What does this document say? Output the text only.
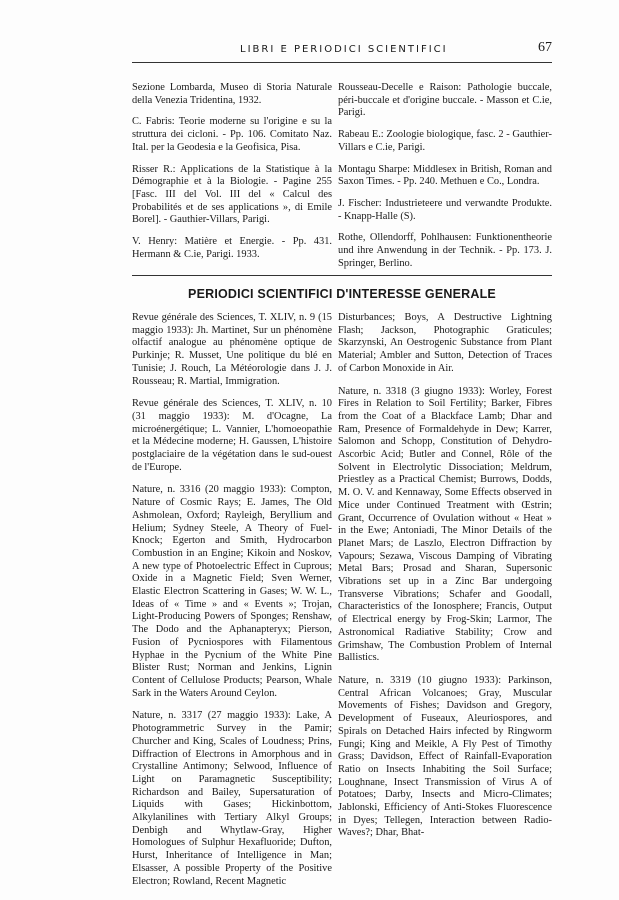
LIBRI E PERIODICI SCIENTIFICI	67

Sezione Lombarda, Museo di Storia Naturale della Venezia Tridentina, 1932.

C. Fabris: Teorie moderne su l'origine e su la struttura dei cicloni. - Pp. 106. Comitato Naz. Ital. per la Geodesia e la Geofisica, Pisa.

Risser R.: Applications de la Statistique à la Démographie et à la Biologie. - Pagine 255 [Fasc. III del Vol. III del « Calcul des Probabilités et de ses applications », di Emile Borel]. - Gauthier-Villars, Parigi.

V. Henry: Matière et Energie. - Pp. 431. Hermann & C.ie, Parigi. 1933.

Rousseau-Decelle e Raison: Pathologie buccale, péri-buccale et d'origine buccale. - Masson et C.ie, Parigi.

Rabeau E.: Zoologie biologique, fasc. 2 - Gauthier-Villars e C.ie, Parigi.

Montagu Sharpe: Middlesex in British, Roman and Saxon Times. - Pp. 240. Methuen e Co., Londra.

J. Fischer: Industrieteere und verwandte Produkte. - Knapp-Halle (S).

Rothe, Ollendorff, Pohlhausen: Funktionentheorie und ihre Anwendung in der Technik. - Pp. 173. J. Springer, Berlino.

PERIODICI SCIENTIFICI D'INTERESSE GENERALE

Revue générale des Sciences, T. XLIV, n. 9 (15 maggio 1933): Jh. Martinet, Sur un phénomène olfactif analogue au phénomène optique de Purkinje; R. Musset, Une politique du blé en Tunisie; J. Rouch, La Météorologie dans J. J. Rousseau; R. Martial, Immigration.

Revue générale des Sciences, T. XLIV, n. 10 (31 maggio 1933): M. d'Ocagne, La microénergétique; L. Vannier, L'homoeopathie et la Médecine moderne; H. Gaussen, L'histoire postglaciaire de la végétation dans le sud-ouest de l'Europe.

Nature, n. 3316 (20 maggio 1933): Compton, Nature of Cosmic Rays; E. James, The Old Ashmolean, Oxford; Rayleigh, Beryllium and Helium; Sydney Steele, A Theory of Fuel-Knock; Egerton and Smith, Hydrocarbon Combustion in an Engine; Kikoin and Noskov, A new type of Photoelectric Effect in Cuprous; Oxide in a Magnetic Field; Sven Werner, Elastic Electron Scattering in Gases; W. W. L., Ideas of « Time » and « Events »; Trojan, Light-Producing Powers of Sponges; Renshaw, The Dodo and the Aphanapteryx; Pierson, Fusion of Pycniospores with Filamentous Hyphae in the Pycnium of the White Pine Blister Rust; Norman and Jenkins, Lignin Content of Cellulose Products; Pearson, Whale Sark in the Waters Around Ceylon.

Nature, n. 3317 (27 maggio 1933): Lake, A Photogrammetric Survey in the Pamir; Churcher and King, Scales of Loudness; Prins, Diffraction of Electrons in Amorphous and in Crystalline Antimony; Selwood, Influence of Light on Paramagnetic Susceptibility; Richardson and Bailey, Supersaturation of Liquids with Gases; Hickinbottom, Alkylanilines with Tertiary Alkyl Groups; Denbigh and Whytlaw-Gray, Higher Homologues of Sulphur Hexafluoride; Dufton, Hurst, Inheritance of Intelligence in Man; Elsasser, A possible Property of the Positive Electron; Rowland, Recent Magnetic

Disturbances; Boys, A Destructive Lightning Flash; Jackson, Photographic Graticules; Skarzynski, An Oestrogenic Substance from Plant Material; Ambler and Sutton, Detection of Traces of Carbon Monoxide in Air.

Nature, n. 3318 (3 giugno 1933): Worley, Forest Fires in Relation to Soil Fertility; Barker, Fibres from the Coat of a Blackface Lamb; Dhar and Ram, Presence of Formaldehyde in Dew; Karrer, Salomon and Schopp, Constitution of Dehydro-Ascorbic Acid; Butler and Connel, Rôle of the Solvent in Electrolytic Dissociation; Meldrum, Priestley as a Practical Chemist; Burrows, Dodds, M. O. V. and Kennaway, Some Effects observed in Mice under Continued Treatment with Œstrin; Grant, Occurrence of Ovulation without « Heat » in the Ewe; Antoniadi, The Minor Details of the Planet Mars; de Laszlo, Electron Diffraction by Vapours; Sezawa, Viscous Damping of Vibrating Metal Bars; Prosad and Sharan, Supersonic Vibrations set up in a Zinc Bar undergoing Transverse Vibrations; Schafer and Goodall, Characteristics of the Ionosphere; Francis, Output of Electrical energy by Frog-Skin; Larmor, The Astronomical Radiative Stability; Crow and Grimshaw, The Combustion Problem of Internal Ballistics.

Nature, n. 3319 (10 giugno 1933): Parkinson, Central African Volcanoes; Gray, Muscular Movements of Fishes; Davidson and Gregory, Development of Fuseaux, Aleuriospores, and Spirals on Detached Hairs infected by Ringworm Fungi; King and Meikle, A Fly Pest of Timothy Grass; Davidson, Effect of Rainfall-Evaporation Ratio on Insects Inhabiting the Soil Surface; Loughnane, Insect Transmission of Virus A of Potatoes; Darby, Insects and Micro-Climates; Jablonski, Efficiency of Anti-Stokes Fluorescence in Dyes; Tellegen, Interaction between Radio-Waves?; Dhar, Bhat-
